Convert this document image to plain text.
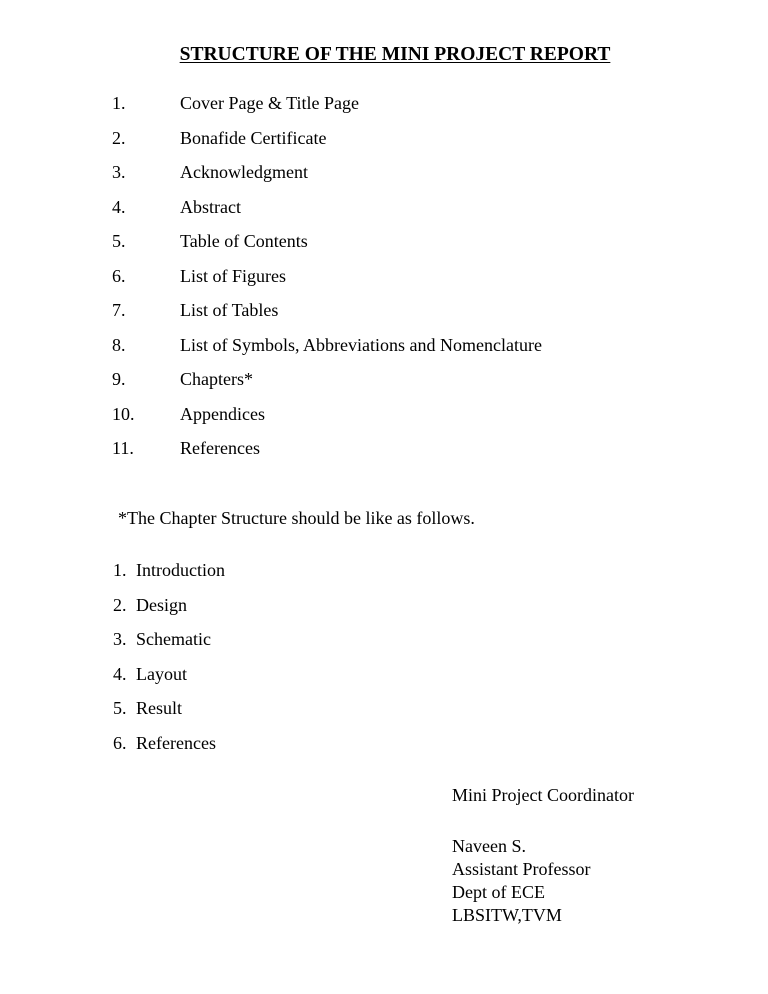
STRUCTURE OF THE MINI PROJECT REPORT
1.	Cover Page & Title Page
2.	Bonafide Certificate
3.	Acknowledgment
4.	Abstract
5.	Table of Contents
6.	List of Figures
7.	List of Tables
8.	List of Symbols, Abbreviations and Nomenclature
9.	Chapters*
10.	Appendices
11.	References
*The Chapter Structure should be like as follows.
1. Introduction
2. Design
3. Schematic
4. Layout
5. Result
6. References
Mini Project Coordinator
Naveen S.
Assistant Professor
Dept of ECE
LBSITW,TVM
